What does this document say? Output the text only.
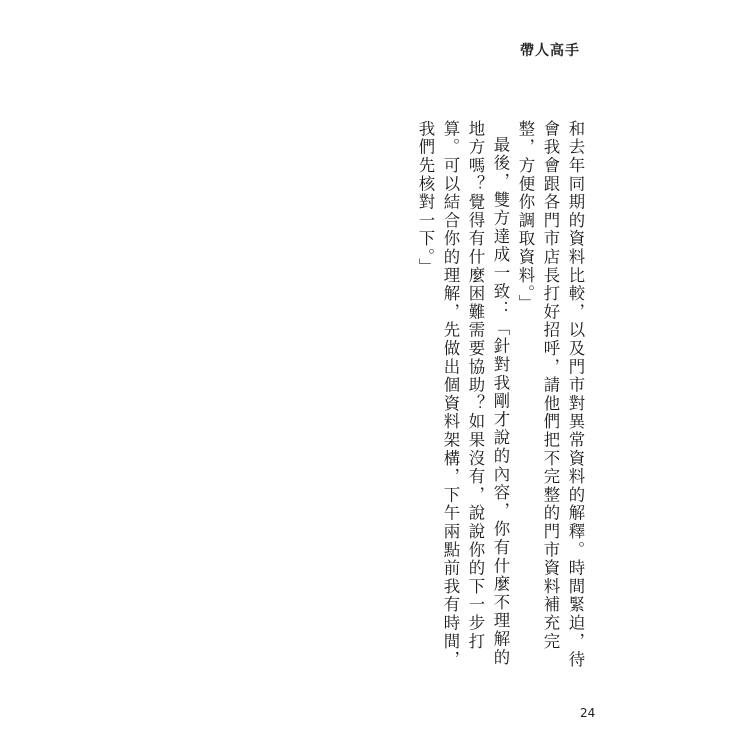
帶人高手

和去年同期的資料比較，以及門市對異常資料的解釋。時間緊迫，待會我會跟各門市店長打好招呼，請他們把不完整的門市資料補充完整，方便你調取資料。」

最後，雙方達成一致：「針對我剛才說的內容，你有什麼不理解的地方嗎？覺得有什麼困難需要協助？如果沒有，說說你的下一步打算。可以結合你的理解，先做出個資料架構，下午兩點前我有時間，我們先核對一下。」

24
